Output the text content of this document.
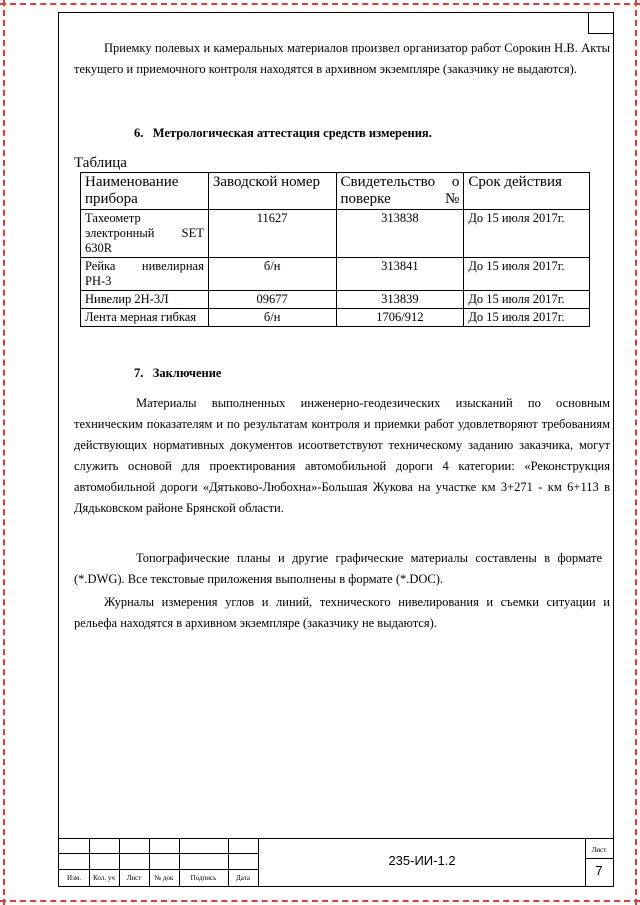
Приемку полевых и камеральных материалов произвел организатор работ Сорокин Н.В. Акты текущего и приемочного контроля находятся в архивном экземпляре (заказчику не выдаются).
6.   Метрологическая аттестация средств измерения.
Таблица
Наименование прибора	Заводской номер	Свидетельство о поверке №	Срок действия
Тахеометр электронный SET 630R	11627	313838	До 15 июля 2017г.
Рейка нивелирная РН-3	б/н	313841	До 15 июля 2017г.
Нивелир 2Н-3Л	09677	313839	До 15 июля 2017г.
Лента мерная гибкая	б/н	1706/912	До 15 июля 2017г.
7.   Заключение
Материалы выполненных инженерно-геодезических изысканий по основным техническим показателям и по результатам контроля и приемки работ удовлетворяют требованиям действующих нормативных документов исоответствуют техническому заданию заказчика, могут служить основой для проектирования автомобильной дороги 4 категории: «Реконструкция автомобильной дороги «Дятьково-Любохна»-Большая Жукова на участке км 3+271 - км 6+113 в Дядьковском районе Брянской области.
Топографические планы и другие графические материалы составлены в формате (*.DWG). Все текстовые приложения выполнены в формате (*.DOC).
Журналы измерения углов и линий, технического нивелирования и съемки ситуации и рельефа находятся в архивном экземпляре (заказчику не выдаются).
Изм.	Кол. уч	Лист	№ док	Подпись	Дата
235-ИИ-1.2
Лист
7
